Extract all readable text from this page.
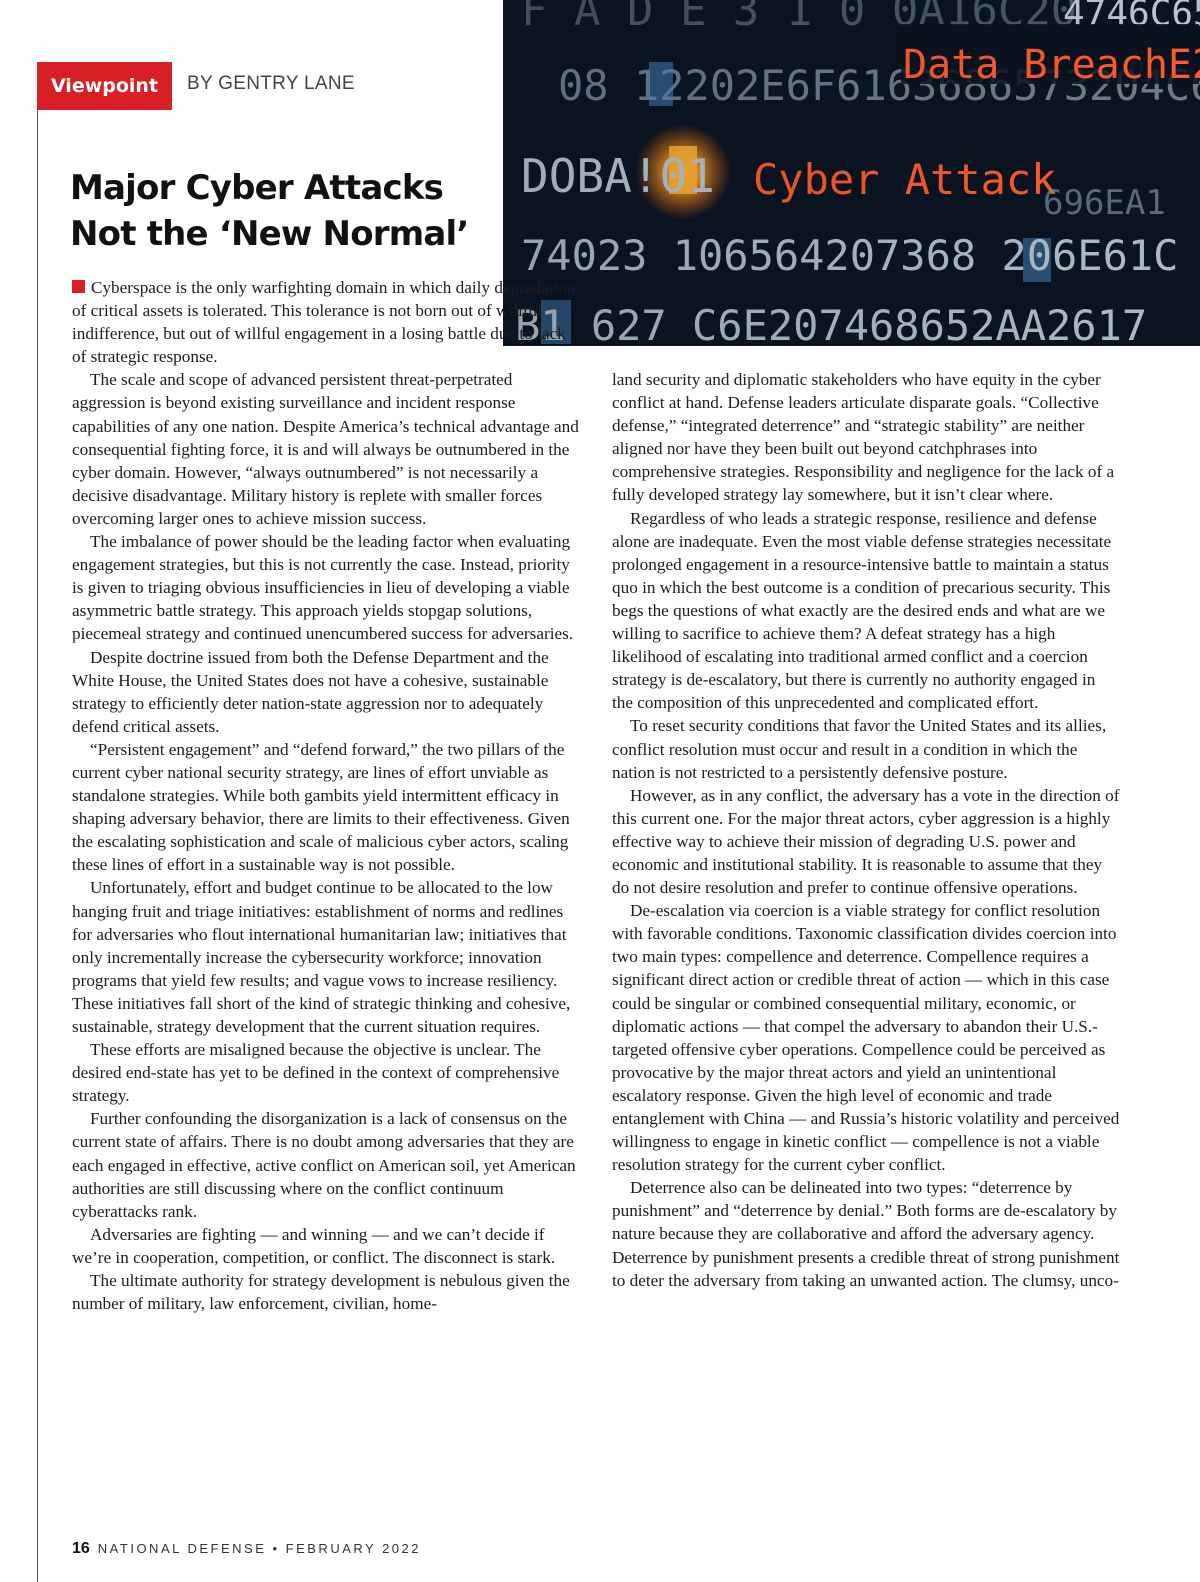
Viewpoint	BY GENTRY LANE
Major Cyber Attacks Not the ‘New Normal’

Cyberspace is the only warfighting domain in which daily degradation of critical assets is tolerated. This tolerance is not born out of willful indifference, but out of willful engagement in a losing battle due to lack of strategic response.

The scale and scope of advanced persistent threat-perpetrated aggression is beyond existing surveillance and incident response capabilities of any one nation. Despite America’s technical advantage and consequential fighting force, it is and will always be outnumbered in the cyber domain. However, “always outnumbered” is not necessarily a decisive disadvantage. Military history is replete with smaller forces overcoming larger ones to achieve mission success.

The imbalance of power should be the leading factor when evaluating engagement strategies, but this is not currently the case. Instead, priority is given to triaging obvious insufficiencies in lieu of developing a viable asymmetric battle strategy. This approach yields stopgap solutions, piecemeal strategy and continued unencumbered success for adversaries.

Despite doctrine issued from both the Defense Department and the White House, the United States does not have a cohesive, sustainable strategy to efficiently deter nation-state aggression nor to adequately defend critical assets.

“Persistent engagement” and “defend forward,” the two pillars of the current cyber national security strategy, are lines of effort unviable as standalone strategies. While both gambits yield intermittent efficacy in shaping adversary behavior, there are limits to their effectiveness. Given the escalating sophistication and scale of malicious cyber actors, scaling these lines of effort in a sustainable way is not possible.

Unfortunately, effort and budget continue to be allocated to the low hanging fruit and triage initiatives: establishment of norms and redlines for adversaries who flout international humanitarian law; initiatives that only incrementally increase the cybersecurity workforce; innovation programs that yield few results; and vague vows to increase resiliency. These initiatives fall short of the kind of strategic thinking and cohesive, sustainable, strategy development that the current situation requires.

These efforts are misaligned because the objective is unclear. The desired end-state has yet to be defined in the context of comprehensive strategy.

Further confounding the disorganization is a lack of consensus on the current state of affairs. There is no doubt among adversaries that they are each engaged in effective, active conflict on American soil, yet American authorities are still discussing where on the conflict continuum cyberattacks rank.

Adversaries are fighting — and winning — and we can’t decide if we’re in cooperation, competition, or conflict. The disconnect is stark.

The ultimate authority for strategy development is nebulous given the number of military, law enforcement, civilian, home-

land security and diplomatic stakeholders who have equity in the cyber conflict at hand. Defense leaders articulate disparate goals. “Collective defense,” “integrated deterrence” and “strategic stability” are neither aligned nor have they been built out beyond catchphrases into comprehensive strategies. Responsibility and negligence for the lack of a fully developed strategy lay somewhere, but it isn’t clear where.

Regardless of who leads a strategic response, resilience and defense alone are inadequate. Even the most viable defense strategies necessitate prolonged engagement in a resource-intensive battle to maintain a status quo in which the best outcome is a condition of precarious security. This begs the questions of what exactly are the desired ends and what are we willing to sacrifice to achieve them? A defeat strategy has a high likelihood of escalating into traditional armed conflict and a coercion strategy is de-escalatory, but there is currently no authority engaged in the composition of this unprecedented and complicated effort.

To reset security conditions that favor the United States and its allies, conflict resolution must occur and result in a condition in which the nation is not restricted to a persistently defensive posture.

However, as in any conflict, the adversary has a vote in the direction of this current one. For the major threat actors, cyber aggression is a highly effective way to achieve their mission of degrading U.S. power and economic and institutional stability. It is reasonable to assume that they do not desire resolution and prefer to continue offensive operations.

De-escalation via coercion is a viable strategy for conflict resolution with favorable conditions. Taxonomic classification divides coercion into two main types: compellence and deterrence. Compellence requires a significant direct action or credible threat of action — which in this case could be singular or combined consequential military, economic, or diplomatic actions — that compel the adversary to abandon their U.S.-targeted offensive cyber operations. Compellence could be perceived as provocative by the major threat actors and yield an unintentional escalatory response. Given the high level of economic and trade entanglement with China — and Russia’s historic volatility and perceived willingness to engage in kinetic conflict — compellence is not a viable resolution strategy for the current cyber conflict.

Deterrence also can be delineated into two types: “deterrence by punishment” and “deterrence by denial.” Both forms are de-escalatory by nature because they are collaborative and afford the adversary agency. Deterrence by punishment presents a credible threat of strong punishment to deter the adversary from taking an unwanted action. The clumsy, unco-

16 NATIONAL DEFENSE • FEBRUARY 2022
